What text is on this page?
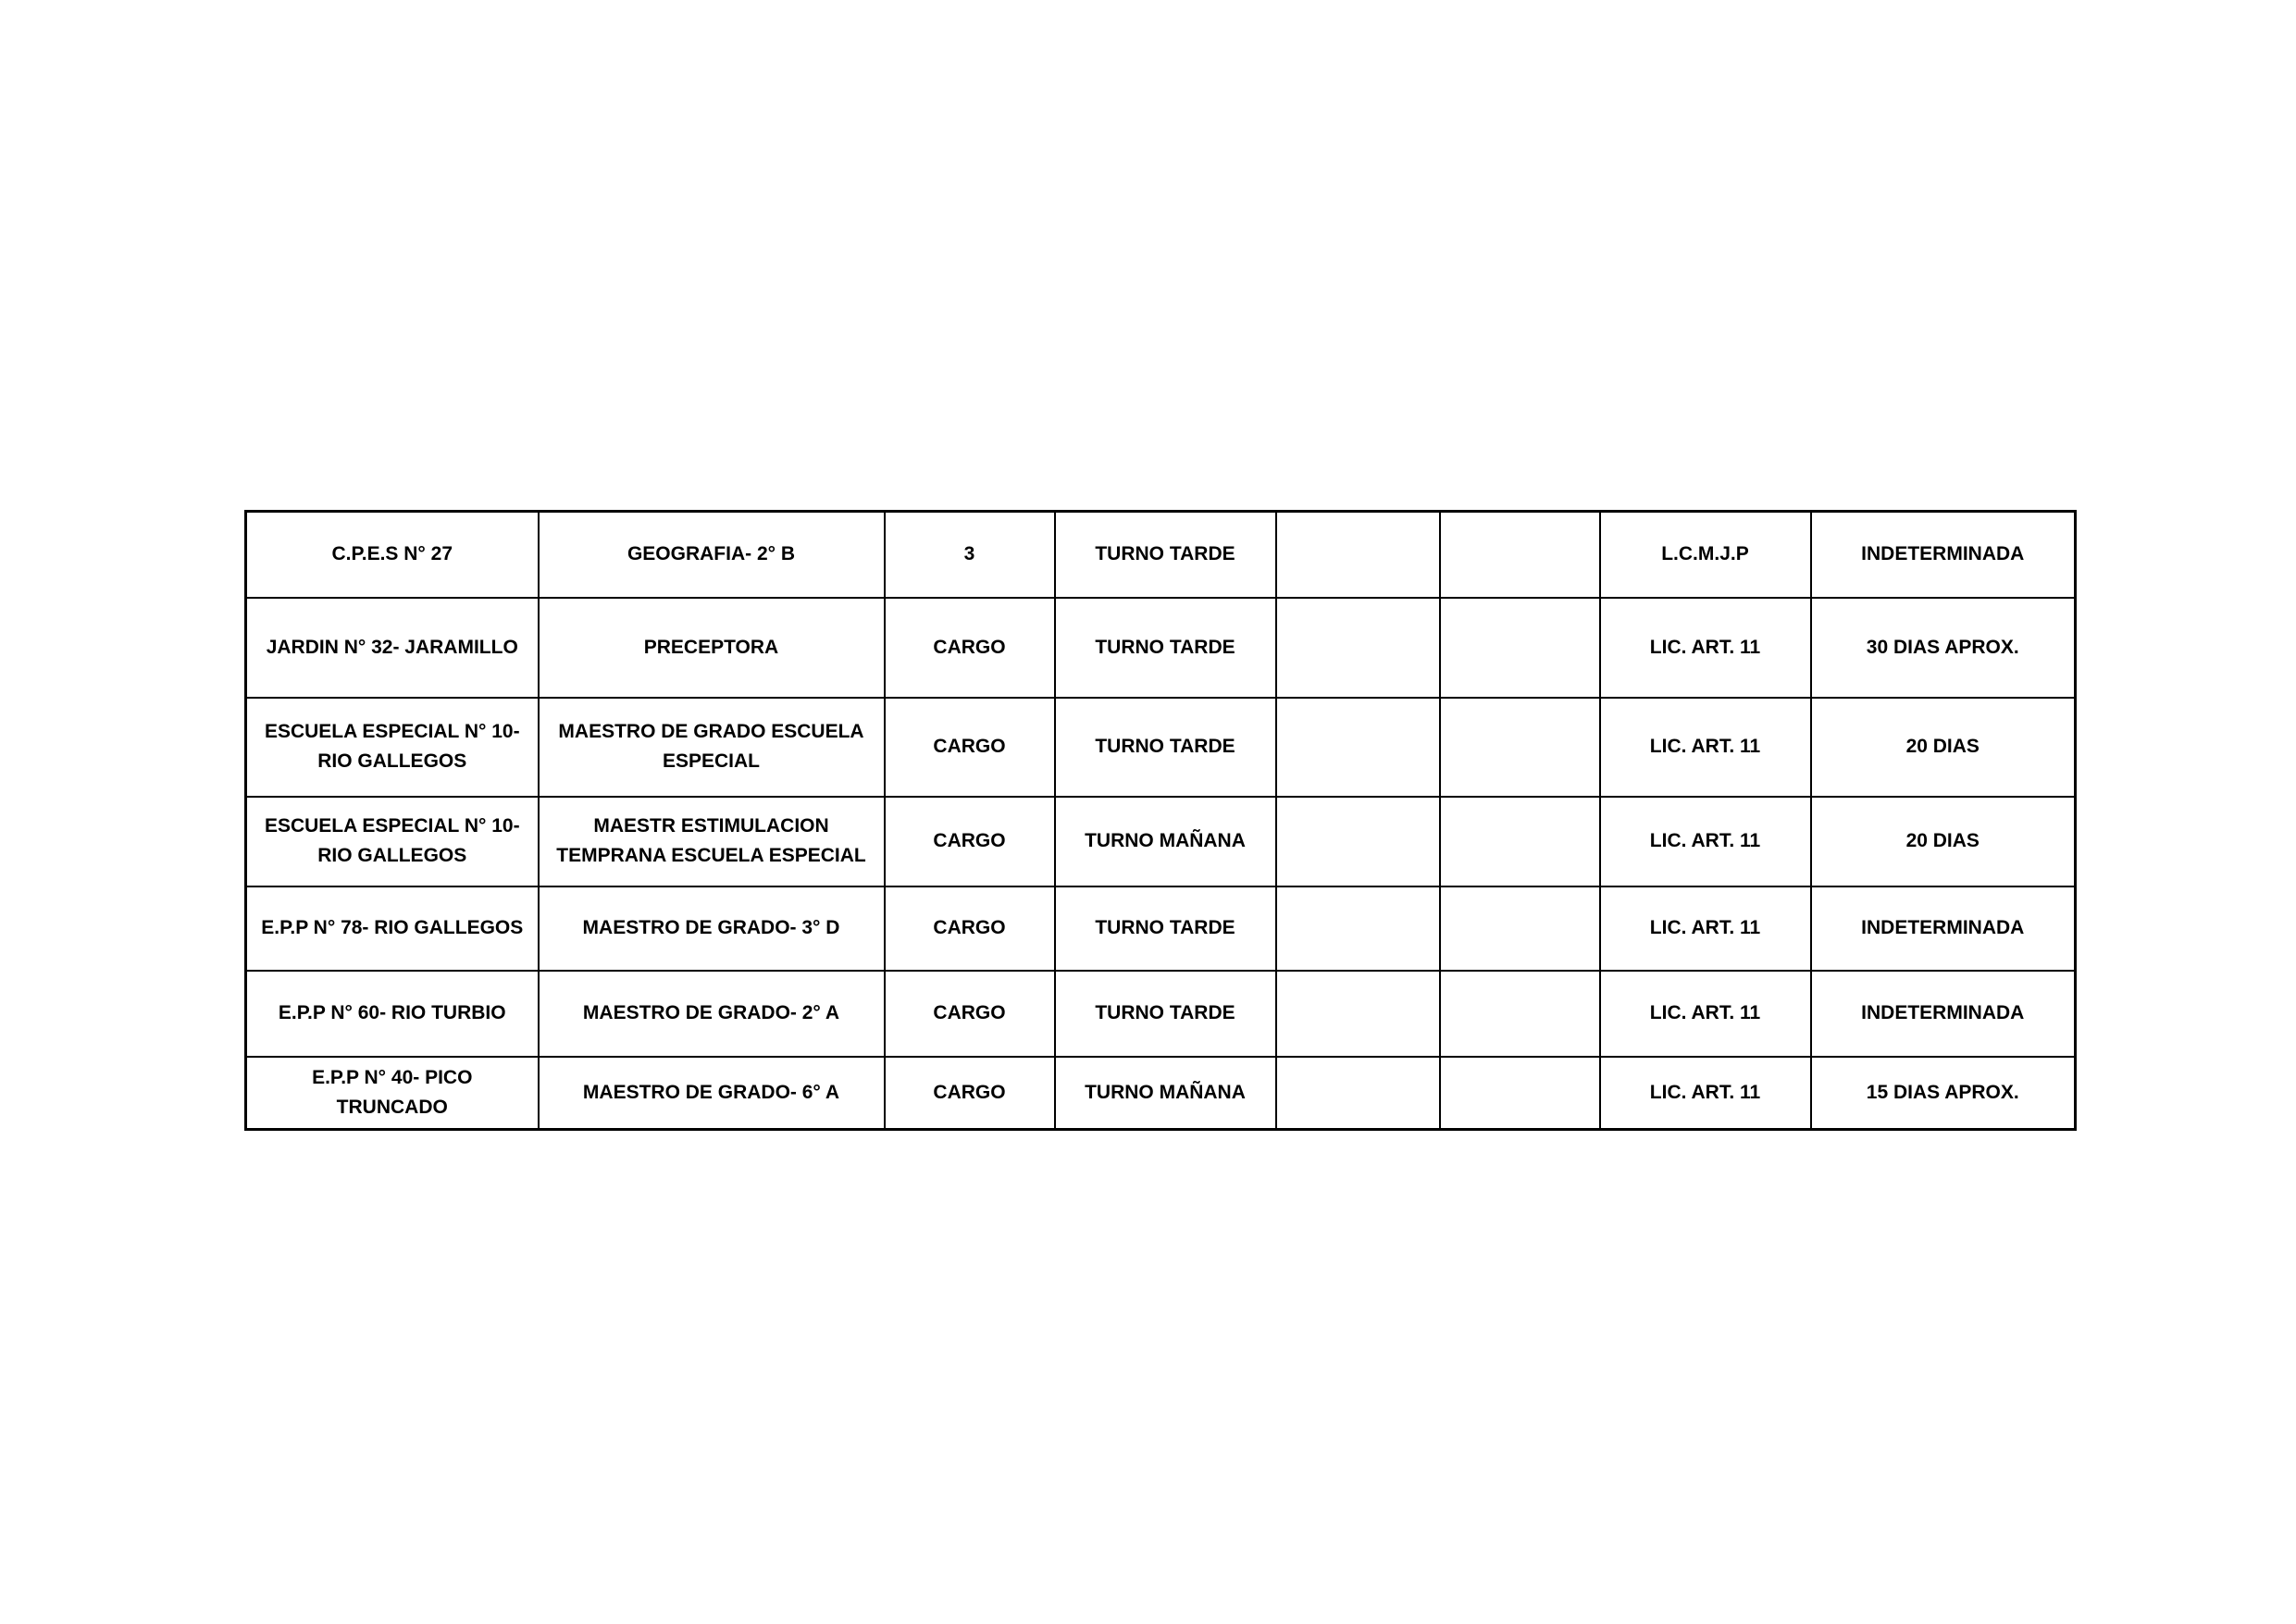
C.P.E.S N° 27	GEOGRAFIA- 2° B	3	TURNO TARDE			L.C.M.J.P	INDETERMINADA
JARDIN N° 32- JARAMILLO	PRECEPTORA	CARGO	TURNO TARDE			LIC. ART. 11	30 DIAS APROX.
ESCUELA ESPECIAL N° 10- RIO GALLEGOS	MAESTRO DE GRADO ESCUELA ESPECIAL	CARGO	TURNO TARDE			LIC. ART. 11	20 DIAS
ESCUELA ESPECIAL N° 10- RIO GALLEGOS	MAESTR ESTIMULACION TEMPRANA ESCUELA ESPECIAL	CARGO	TURNO MAÑANA			LIC. ART. 11	20 DIAS
E.P.P N° 78- RIO GALLEGOS	MAESTRO DE GRADO- 3° D	CARGO	TURNO TARDE			LIC. ART. 11	INDETERMINADA
E.P.P N° 60- RIO TURBIO	MAESTRO DE GRADO- 2° A	CARGO	TURNO TARDE			LIC. ART. 11	INDETERMINADA
E.P.P N° 40- PICO TRUNCADO	MAESTRO DE GRADO- 6° A	CARGO	TURNO MAÑANA			LIC. ART. 11	15 DIAS APROX.
